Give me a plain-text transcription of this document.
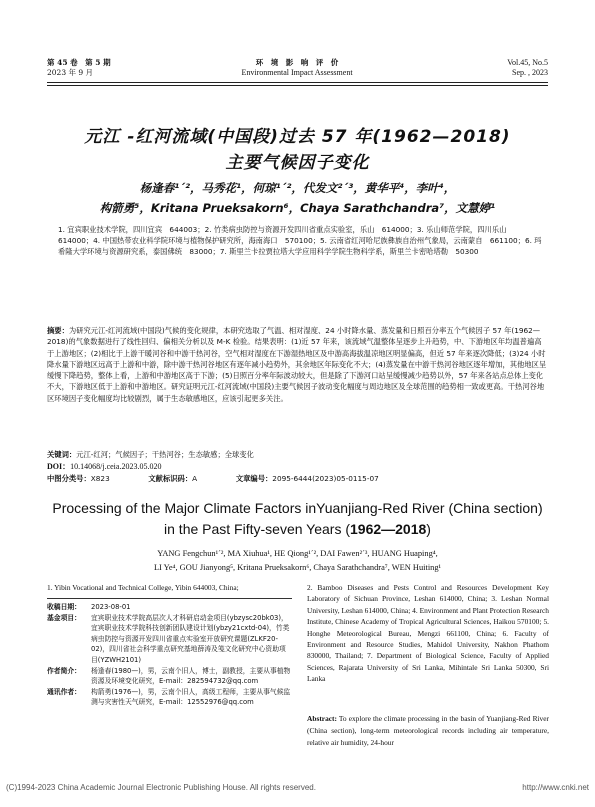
第 45 卷　第 5 期
2023 年 9 月
环　境　影　响　评　价
Environmental Impact Assessment
Vol.45, No.5
Sep. , 2023
元江 -红河流域(中国段)过去 57 年(1962—2018)
主要气候因子变化
杨逢春¹ˊ²，马秀花¹，何琼¹ˊ²，代发文²ˊ³，黄华平⁴，李叶⁴，
构箭勇⁵，Kritana Prueksakorn⁶，Chaya Sarathchandra⁷，文慧婷¹
1. 宜宾职业技术学院，四川宜宾　644003；2. 竹类病虫防控与资源开发四川省重点实验室，乐山　614000；3. 乐山师范学院，四川乐山　614000；4. 中国热带农业科学院环境与植物保护研究所，海南海口　570100；5. 云南省红河哈尼族彝族自治州气象局，云南蒙自　661100；6. 玛希隆大学环境与资源研究系，泰国佛统　83000；7. 斯里兰卡拉贾拉塔大学应用科学学院生物科学系，斯里兰卡密哈塔勒　50300
摘要：为研究元江-红河流域(中国段)气候的变化规律，本研究选取了气温、相对湿度、24 小时降水量、蒸发量和日照百分率五个气候因子 57 年(1962—2018)的气象数据进行了线性回归、偏相关分析以及 M-K 检验。结果表明：(1)近 57 年来，该流域气温整体呈逐步上升趋势，中、下游地区年均温普遍高于上游地区；(2)相比于上游干暖河谷和中游干热河谷，空气相对湿度在下游湿热地区及中游高海拔温凉地区明显偏高，但近 57 年来逐次降低；(3)24 小时降水量下游地区远高于上游和中游，除中游干热河谷地区有逐年减小趋势外，其余地区年际变化不大；(4)蒸发量在中游干热河谷地区逐年增加，其他地区呈缓慢下降趋势，整体上看，上游和中游地区高于下游；(5)日照百分率年际波动较大，但是除了下游河口站呈缓慢减少趋势以外，57 年来各站点总体上变化不大，下游地区低于上游和中游地区。研究证明元江-红河流域(中国段)主要气候因子波动变化幅度与周边地区及全球范围的趋势相一致或更高。干热河谷地区环境因子变化幅度均比较剧烈，属于生态敏感地区，应该引起更多关注。
关键词：元江-红河；气候因子；干热河谷；生态敏感；全球变化
DOI：10.14068/j.ceia.2023.05.020
中图分类号：X823	文献标识码：A	文章编号：2095-6444(2023)05-0115-07
Processing of the Major Climate Factors inYuanjiang-Red River (China section)
in the Past Fifty-seven Years (1962—2018)
YANG Fengchun¹ˊ², MA Xiuhua¹, HE Qiong¹ˊ², DAI Fawen²ˊ³, HUANG Huaping⁴,
LI Ye⁴, GOU Jianyong⁵, Kritana Prueksakorn⁶, Chaya Sarathchandra⁷, WEN Huiting¹
1. Yibin Vocational and Technical College, Yibin 644003, China;	2. Bamboo Diseases and Pests Control and Resources Development Key Laboratory of Sichuan Province, Leshan 614000, China; 3. Leshan Normal University, Leshan 614000, China; 4. Environment and Plant Protection Research Institute, Chinese Academy of Tropical Agricultural Sciences, Haikou 570100; 5. Honghe Meteorological Bureau, Mengzi 661100, China; 6. Faculty of Environment and Resource Studies, Mahidol University, Nakhon Phathom 830000, Thailand; 7. Department of Biological Science, Faculty of Applied Sciences, Rajarata University of Sri Lanka, Mihintale Sri Lanka 50300, Sri Lanka
收稿日期：	2023-08-01
基金项目：	宜宾职业技术学院高层次人才科研启动金项目(ybzysc20bk03)，宜宾职业技术学院科技创新团队建设计划(ybzy21cxtd-04)，竹类病虫防控与资源开发四川省重点实验室开放研究课题(ZLKF20-02)，四川省社会科学重点研究基地薛涛及笺文化研究中心资助项目(YZWH2101)
作者简介：	杨逢春(1980—)，男，云南个旧人，博士，副教授，主要从事植物资源及环境变化研究，E-mail：282594732@qq.com
通讯作者：	构箭勇(1976—)，男，云南个旧人，高级工程师，主要从事气候监测与灾害性天气研究，E-mail：12552976@qq.com
Abstract: To explore the climate processing in the basin of Yuanjiang-Red River (China section), long-term meteorological records including air temperature, relative air humidity, 24-hour
(C)1994-2023 China Academic Journal Electronic Publishing House. All rights reserved.	http://www.cnki.net
